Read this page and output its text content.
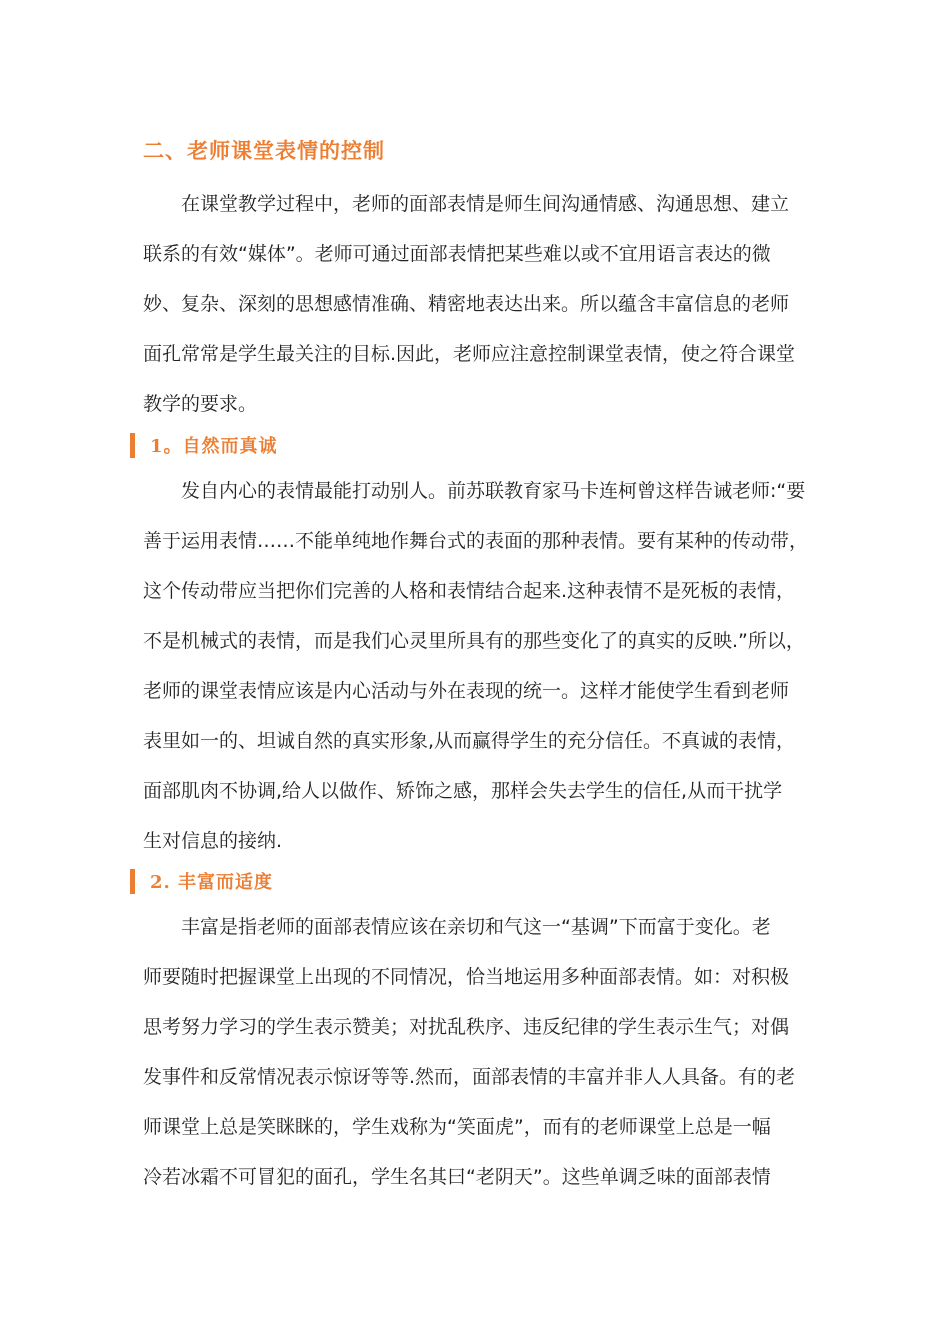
二、老师课堂表情的控制
在课堂教学过程中，老师的面部表情是师生间沟通情感、沟通思想、建立
联系的有效“媒体”。老师可通过面部表情把某些难以或不宜用语言表达的微
妙、复杂、深刻的思想感情准确、精密地表达出来。所以蕴含丰富信息的老师
面孔常常是学生最关注的目标.因此，老师应注意控制课堂表情，使之符合课堂
教学的要求。
1。自然而真诚
发自内心的表情最能打动别人。前苏联教育家马卡连柯曾这样告诫老师:“要
善于运用表情……不能单纯地作舞台式的表面的那种表情。要有某种的传动带，
这个传动带应当把你们完善的人格和表情结合起来.这种表情不是死板的表情，
不是机械式的表情，而是我们心灵里所具有的那些变化了的真实的反映.”所以，
老师的课堂表情应该是内心活动与外在表现的统一。这样才能使学生看到老师
表里如一的、坦诚自然的真实形象,从而赢得学生的充分信任。不真诚的表情，
面部肌肉不协调,给人以做作、矫饰之感，那样会失去学生的信任,从而干扰学
生对信息的接纳.
2. 丰富而适度
丰富是指老师的面部表情应该在亲切和气这一“基调”下而富于变化。老
师要随时把握课堂上出现的不同情况，恰当地运用多种面部表情。如：对积极
思考努力学习的学生表示赞美；对扰乱秩序、违反纪律的学生表示生气；对偶
发事件和反常情况表示惊讶等等.然而，面部表情的丰富并非人人具备。有的老
师课堂上总是笑眯眯的，学生戏称为“笑面虎”，而有的老师课堂上总是一幅
冷若冰霜不可冒犯的面孔，学生名其曰“老阴天”。这些单调乏味的面部表情
